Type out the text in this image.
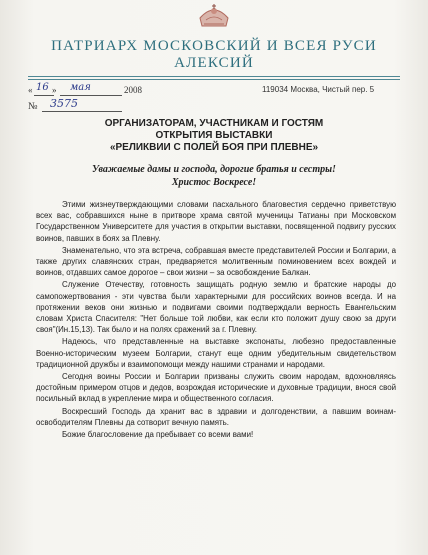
ПАТРИАРХ МОСКОВСКИЙ И ВСЕЯ РУСИ
АЛЕКСИЙ
« 16 » мая	2008	119034 Москва, Чистый пер. 5
№ 3575
ОРГАНИЗАТОРАМ, УЧАСТНИКАМ И ГОСТЯМ
ОТКРЫТИЯ ВЫСТАВКИ
«РЕЛИКВИИ С ПОЛЕЙ БОЯ ПРИ ПЛЕВНЕ»
Уважаемые дамы и господа, дорогие братья и сестры!
Христос Воскресе!

Этими жизнеутверждающими словами пасхального благовестия сердечно приветствую всех вас, собравшихся ныне в притворе храма святой мученицы Татианы при Московском Государственном Университете для участия в открытии выставки, посвященной подвигу русских воинов, павших в боях за Плевну.

Знаменательно, что эта встреча, собравшая вместе представителей России и Болгарии, а также других славянских стран, предваряется молитвенным поминовением всех вождей и воинов, отдавших самое дорогое – свои жизни – за освобождение Балкан.

Служение Отечеству, готовность защищать родную землю и братские народы до самопожертвования - эти чувства были характерными для российских воинов всегда. И на протяжении веков они жизнью и подвигами своими подтверждали верность Евангельским словам Христа Спасителя: "Нет больше той любви, как если кто положит душу свою за други своя"(Ин.15,13). Так было и на полях сражений за г. Плевну.

Надеюсь, что представленные на выставке экспонаты, любезно предоставленные Военно-историческим музеем Болгарии, станут еще одним убедительным свидетельством традиционной дружбы и взаимопомощи между нашими странами и народами.

Сегодня воины России и Болгарии призваны служить своим народам, вдохновляясь достойным примером отцов и дедов, возрождая исторические и духовные традиции, внося свой посильный вклад в укрепление мира и общественного согласия.

Воскресший Господь да хранит вас в здравии и долгоденствии, а павшим воинам-освободителям Плевны да сотворит вечную память.

Божие благословение да пребывает со всеми вами!
